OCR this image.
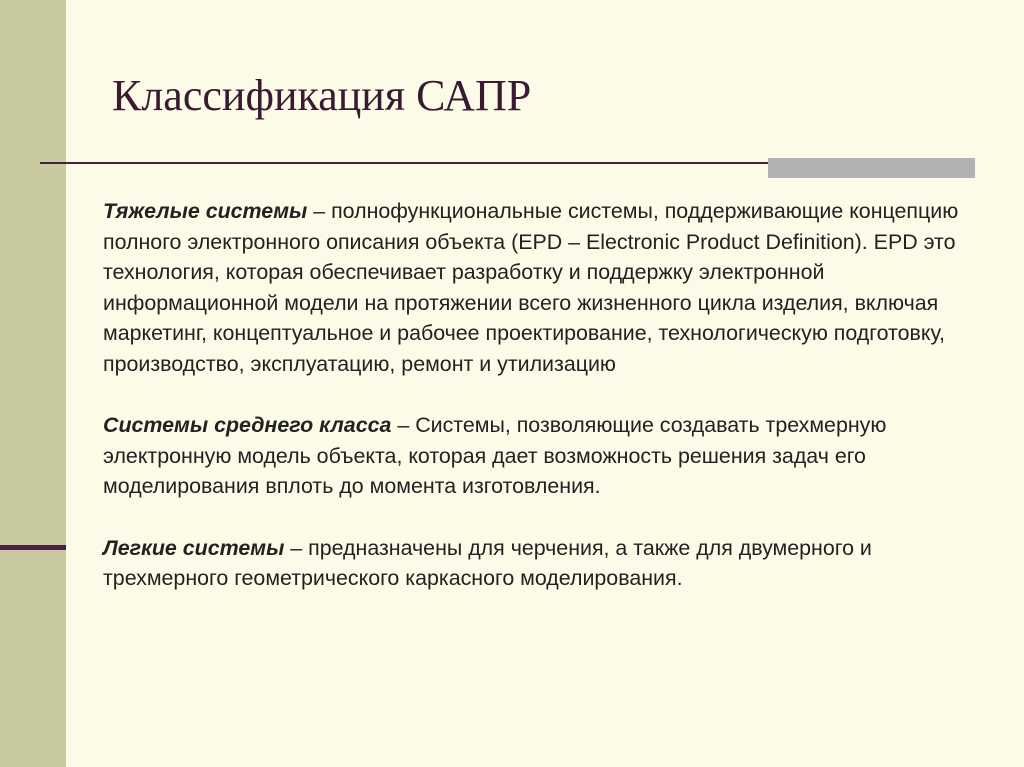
Классификация САПР

Тяжелые системы – полнофункциональные системы, поддерживающие концепцию полного электронного описания объекта (EPD – Electronic Product Definition). EPD это технология, которая обеспечивает разработку и поддержку электронной информационной модели на протяжении всего жизненного цикла изделия, включая маркетинг, концептуальное и рабочее проектирование, технологическую подготовку, производство, эксплуатацию, ремонт и утилизацию

Системы среднего класса – Системы, позволяющие создавать трехмерную электронную модель объекта, которая дает возможность решения задач его моделирования вплоть до момента изготовления.

Легкие системы – предназначены для черчения, а также для двумерного и трехмерного геометрического каркасного моделирования.
